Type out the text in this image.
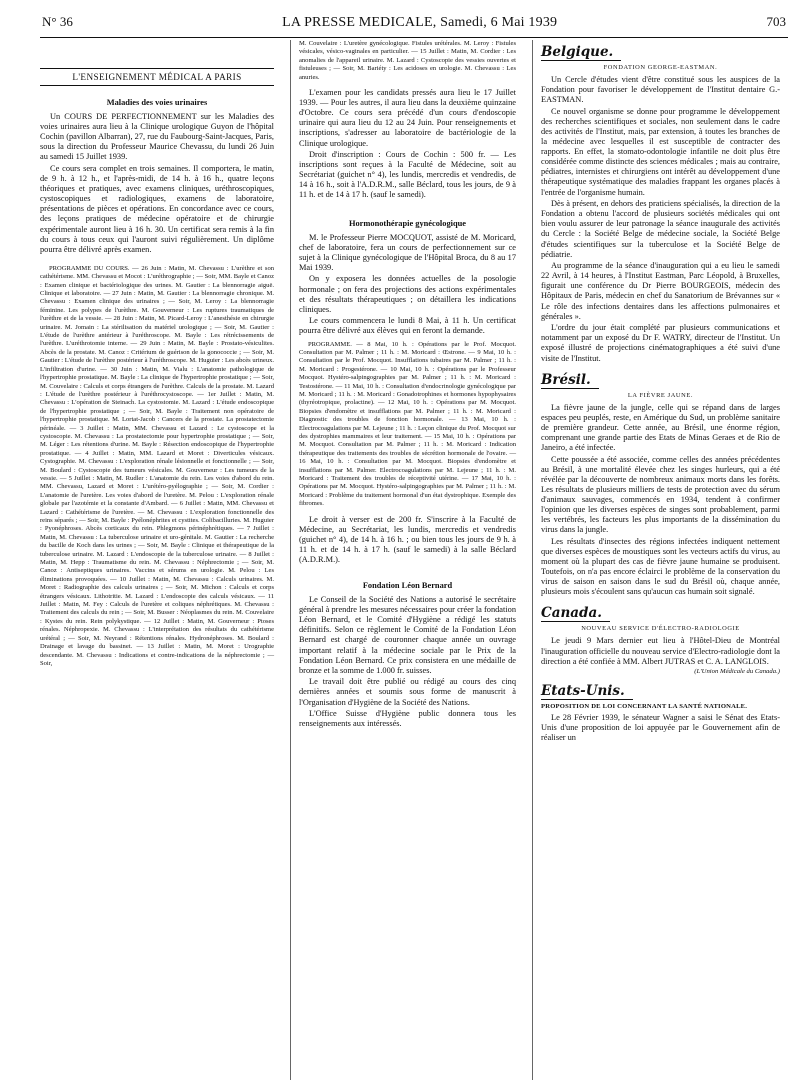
N° 36	LA PRESSE MEDICALE, Samedi, 6 Mai 1939	703
L'ENSEIGNEMENT MÉDICAL A PARIS
Maladies des voies urinaires

Un COURS DE PERFECTIONNEMENT sur les Maladies des voies urinaires aura lieu à la Clinique urologique Guyon de l'hôpital Cochin (pavillon Albarran), 27, rue du Faubourg-Saint-Jacques, Paris, sous la direction du Professeur Maurice Chevassu, du lundi 26 Juin au samedi 15 Juillet 1939.

Ce cours sera complet en trois semaines. Il comportera, le matin, de 9 h. à 12 h., et l'après-midi, de 14 h. à 16 h., quatre leçons théoriques et pratiques, avec examens cliniques, uréthroscopiques, cystoscopiques et radiologiques, examens de laboratoire, présentations de pièces et opérations. En concordance avec ce cours, des leçons pratiques de médecine opératoire et de chirurgie expérimentale auront lieu à 16 h. 30. Un certificat sera remis à la fin du cours à tous ceux qui l'auront suivi régulièrement. Un diplôme pourra être délivré après examen.

PROGRAMME DU COURS. — 26 Juin : Matin, M. Chevassu : L'urèthre et son cathétérisme. MM. Chevassu et Mocot : L'uréthrographie ; — Soir, MM. Bayle et Canoz : Examen clinique et bactériologique des urines. M. Gautier : La blennorragie aiguë. Clinique et laboratoire. — 27 Juin : Matin, M. Gautier : La blennorragie chronique. M. Chevassu : Examen clinique des urinaires ; — Soir, M. Leroy : La blennorragie féminine. Les polypes de l'urèthre. M. Gouverneur : Les ruptures traumatiques de l'urèthre et de la vessie. — 28 Juin : Matin, M. Picard-Leroy : L'anesthésie en chirurgie urinaire. M. Jomain : La stérilisation du matériel urologique ; — Soir, M. Gautier : L'étude de l'urèthre antérieur à l'uréthroscope. M. Bayle : Les rétrécissements de l'urèthre. L'uréthrotomie interne. — 29 Juin : Matin, M. Bayle : Prostato-vésiculites. Abcès de la prostate. M. Canoz : Critérium de guérison de la gonococcie ; — Soir, M. Gautier : L'étude de l'urèthre postérieur à l'uréthroscope. M. Huguier : Les abcès urineux. L'infiltration d'urine. — 30 Juin : Matin, M. Vialu : L'anatomie pathologique de l'hypertrophie prostatique. M. Bayle : La clinique de l'hypertrophie prostatique ; — Soir, M. Couvelaire : Calculs et corps étrangers de l'urèthre. Calculs de la prostate. M. Lazard : L'étude de l'urèthre postérieur à l'uréthrocystoscope. — 1er Juillet : Matin, M. Chevassu : L'opération de Steinach. La cystostomie. M. Lazard : L'étude endoscopique de l'hypertrophie prostatique ; — Soir, M. Bayle : Traitement non opératoire de l'hypertrophie prostatique. M. Lortat-Jacob : Cancers de la prostate. La prostatectomie périnéale. — 3 Juillet : Matin, MM. Chevassu et Lazard : Le cystoscope et la cystoscopie. M. Chevassu : La prostatectomie pour hypertrophie prostatique ; — Soir, M. Léger : Les rétentions d'urine. M. Bayle : Résection endoscopique de l'hypertrophie prostatique. — 4 Juillet : Matin, MM. Lazard et Moret : Diverticules vésicaux. Cystographie. M. Chevassu : L'exploration rénale lésionnelle et fonctionnelle ; — Soir, M. Boulard : Cystoscopie des tumeurs vésicales. M. Gouverneur : Les tumeurs de la vessie. — 5 Juillet : Matin, M. Rudler : L'anatomie du rein. Les voies d'abord du rein. MM. Chevassu, Lazard et Moret : L'urétéro-pyélographie ; — Soir, M. Cordier : L'anatomie de l'uretère. Les voies d'abord de l'uretère. M. Pelou : L'exploration rénale globale par l'azotémie et la constante d'Ambard. — 6 Juillet : Matin, MM. Chevassu et Lazard : Cathétérisme de l'uretère. — M. Chevassu : L'exploration fonctionnelle des reins séparés ; — Soir, M. Bayle : Pyélonéphrites et cystites. Colibacilluries. M. Huguier : Pyonéphroses. Abcès corticaux du rein. Phlegmons périnéphrétiques. — 7 Juillet : Matin, M. Chevassu : La tuberculose urinaire et uro-génitale. M. Gautier : La recherche du bacille de Koch dans les urines ; — Soir, M. Bayle : Clinique et thérapeutique de la tuberculose urinaire. M. Lazard : L'endoscopie de la tuberculose urinaire. — 8 Juillet : Matin, M. Hepp : Traumatisme du rein. M. Chevassu : Néphrectomie ; — Soir, M. Canoz : Antiseptiques urinaires. Vaccins et sérums en urologie. M. Pelou : Les éliminations provoquées. — 10 Juillet : Matin, M. Chevassu : Calculs urinaires. M. Moret : Radiographie des calculs urinaires ; — Soir, M. Michon : Calculs et corps étrangers vésicaux. Lithotritie. M. Lazard : L'endoscopie des calculs vésicaux. — 11 Juillet : Matin, M. Fey : Calculs de l'uretère et coliques néphrétiques. M. Chevassu : Traitement des calculs du rein ; — Soir, M. Busser : Néoplasmes du rein. M. Couvelaire : Kystes du rein. Rein polykystique. — 12 Juillet : Matin, M. Gouverneur : Ptoses rénales. Néphropexie. M. Chevassu : L'interprétation des résultats du cathétérisme urétéral ; — Soir, M. Neyrand : Rétentions rénales. Hydronéphroses. M. Boulard : Drainage et lavage du bassinet. — 13 Juillet : Matin, M. Moret : Urographie descendante. M. Chevassu : Indications et contre-indications de la néphrectomie ; — Soir,

M. Couvelaire : L'uretère gynécologique. Fistules urétérales. M. Leroy : Fistules vésicales, vésico-vaginales en particulier. — 15 Juillet : Matin, M. Cordier : Les anomalies de l'appareil urinaire. M. Lazard : Cystoscopie des vessies ouvertes et fistuleuses ; — Soir, M. Bariéty : Les acidoses en urologie. M. Chevassu : Les anuries.

L'examen pour les candidats pressés aura lieu le 17 Juillet 1939. — Pour les autres, il aura lieu dans la deuxième quinzaine d'Octobre. Ce cours sera précédé d'un cours d'endoscopie urinaire qui aura lieu du 12 au 24 Juin. Pour renseignements et inscriptions, s'adresser au laboratoire de bactériologie de la Clinique urologique.

Droit d'inscription : Cours de Cochin : 500 fr. — Les inscriptions sont reçues à la Faculté de Médecine, soit au Secrétariat (guichet n° 4), les lundis, mercredis et vendredis, de 14 à 16 h., soit à l'A.D.R.M., salle Béclard, tous les jours, de 9 à 11 h. et de 14 à 17 h. (sauf le samedi).

Hormonothérapie gynécologique

M. le Professeur Pierre MOCQUOT, assisté de M. Moricard, chef de laboratoire, fera un cours de perfectionnement sur ce sujet à la Clinique gynécologique de l'Hôpital Broca, du 8 au 17 Mai 1939.

On y exposera les données actuelles de la posologie hormonale ; on fera des projections des actions expérimentales et des résultats thérapeutiques ; on détaillera les indications cliniques.

Le cours commencera le lundi 8 Mai, à 11 h. Un certificat pourra être délivré aux élèves qui en feront la demande.

PROGRAMME. — 8 Mai, 10 h. : Opérations par le Prof. Mocquot. Consultation par M. Palmer ; 11 h. : M. Moricard : Œstrone. — 9 Mai, 10 h. : Consultation par le Prof. Mocquot. Insufflations tubaires par M. Palmer ; 11 h. : M. Moricard : Progestérone. — 10 Mai, 10 h. : Opérations par le Professeur Mocquot. Hystéro-salpingographies par M. Palmer ; 11 h. : M. Moricard : Testostérone. — 11 Mai, 10 h. : Consultation d'endocrinologie gynécologique par M. Moricard ; 11 h. : M. Moricard : Gonadotrophines et hormones hypophysaires (thyréotropique, prolactine). — 12 Mai, 10 h. : Opérations par M. Mocquot. Biopsies d'endomètre et insufflations par M. Palmer ; 11 h. : M. Moricard : Diagnostic des troubles de fonction hormonale. — 13 Mai, 10 h. : Electrocoagulations par M. Lejeune ; 11 h. : Leçon clinique du Prof. Mocquot sur des dystrophies mammaires et leur traitement. — 15 Mai, 10 h. : Opérations par M. Mocquot. Consultation par M. Palmer ; 11 h. : M. Moricard : Indication thérapeutique des traitements des troubles de sécrétion hormonale de l'ovaire. — 16 Mai, 10 h. : Consultation par M. Mocquot. Biopsies d'endomètre et insufflations par M. Palmer. Electrocoagulations par M. Lejeune ; 11 h. : M. Moricard : Traitement des troubles de réceptivité utérine. — 17 Mai, 10 h. : Opérations par M. Mocquot. Hystéro-salpingographies par M. Palmer ; 11 h. : M. Moricard : Problème du traitement hormonal d'un état dystrophique. Exemple des fibromes.

Le droit à verser est de 200 fr. S'inscrire à la Faculté de Médecine, au Secrétariat, les lundis, mercredis et vendredis (guichet n° 4), de 14 h. à 16 h. ; ou bien tous les jours de 9 h. à 11 h. et de 14 h. à 17 h. (sauf le samedi) à la salle Béclard (A.D.R.M.).

Fondation Léon Bernard

Le Conseil de la Société des Nations a autorisé le secrétaire général à prendre les mesures nécessaires pour créer la fondation Léon Bernard, et le Comité d'Hygiène a rédigé les statuts définitifs. Selon ce règlement le Comité de la Fondation Léon Bernard est chargé de couronner chaque année un ouvrage important relatif à la médecine sociale par le Prix de la Fondation Léon Bernard. Ce prix consistera en une médaille de bronze et la somme de 1.000 fr. suisses.

Le travail doit être publié ou rédigé au cours des cinq dernières années et soumis sous forme de manuscrit à l'Organisation d'Hygiène de la Société des Nations.

L'Office Suisse d'Hygiène public donnera tous les renseignements aux intéressés.

Belgique.
FONDATION GEORGE-EASTMAN.

Un Cercle d'études vient d'être constitué sous les auspices de la Fondation pour favoriser le développement de l'Institut dentaire G.-EASTMAN.

Ce nouvel organisme se donne pour programme le développement des recherches scientifiques et sociales, non seulement dans le cadre des activités de l'Institut, mais, par extension, à toutes les branches de la médecine avec lesquelles il est susceptible de contracter des rapports. En effet, la stomato-odontologie infantile ne doit plus être considérée comme distincte des sciences médicales ; mais au contraire, pédiatres, internistes et chirurgiens ont intérêt au développement d'une thérapeutique systématique des maladies frappant les organes placés à l'entrée de l'organisme humain.

Dès à présent, en dehors des praticiens spécialisés, la direction de la Fondation a obtenu l'accord de plusieurs sociétés médicales qui ont bien voulu assurer de leur patronage la séance inaugurale des activités du Cercle : la Société Belge de médecine sociale, la Société Belge d'études scientifiques sur la tuberculose et la Société Belge de pédiatrie.

Au programme de la séance d'inauguration qui a eu lieu le samedi 22 Avril, à 14 heures, à l'Institut Eastman, Parc Léopold, à Bruxelles, figurait une conférence du Dr Pierre BOURGEOIS, médecin des Hôpitaux de Paris, médecin en chef du Sanatorium de Brévannes sur « Le rôle des infections dentaires dans les affections pulmonaires et générales ».

L'ordre du jour était complété par plusieurs communications et notamment par un exposé du Dr F. WATRY, directeur de l'Institut. Un exposé illustré de projections cinématographiques a été suivi d'une visite de l'Institut.

Brésil.
LA FIÈVRE JAUNE.

La fièvre jaune de la jungle, celle qui se répand dans de larges espaces peu peuplés, reste, en Amérique du Sud, un problème sanitaire de première grandeur. Cette année, au Brésil, une énorme région, comprenant une grande partie des Etats de Minas Geraes et de Rio de Janeiro, a été infectée.

Cette poussée a été associée, comme celles des années précédentes au Brésil, à une mortalité élevée chez les singes hurleurs, qui a été révélée par la découverte de nombreux animaux morts dans les forêts. Les résultats de plusieurs milliers de tests de protection avec du sérum d'animaux sauvages, commencés en 1934, tendent à confirmer l'opinion que les diverses espèces de singes sont probablement, parmi les vertébrés, les facteurs les plus importants de la dissémination du virus dans la jungle.

Les résultats d'insectes des régions infectées indiquent nettement que diverses espèces de moustiques sont les vecteurs actifs du virus, au moment où la plupart des cas de fièvre jaune humaine se produisent. Toutefois, on n'a pas encore éclairci le problème de la conservation du virus de saison en saison dans le sud du Brésil où, chaque année, plusieurs mois s'écoulent sans qu'aucun cas humain soit signalé.

Canada.
NOUVEAU SERVICE D'ÉLECTRO-RADIOLOGIE

Le jeudi 9 Mars dernier eut lieu à l'Hôtel-Dieu de Montréal l'inauguration officielle du nouveau service d'Electro-radiologie dont la direction a été confiée à MM. Albert JUTRAS et C. A. LANGLOIS.

(L'Union Médicale du Canada.)
Etats-Unis.
PROPOSITION DE LOI CONCERNANT LA SANTÉ NATIONALE.

Le 28 Février 1939, le sénateur Wagner a saisi le Sénat des Etats-Unis d'une proposition de loi appuyée par le Gouvernement afin de réaliser un
